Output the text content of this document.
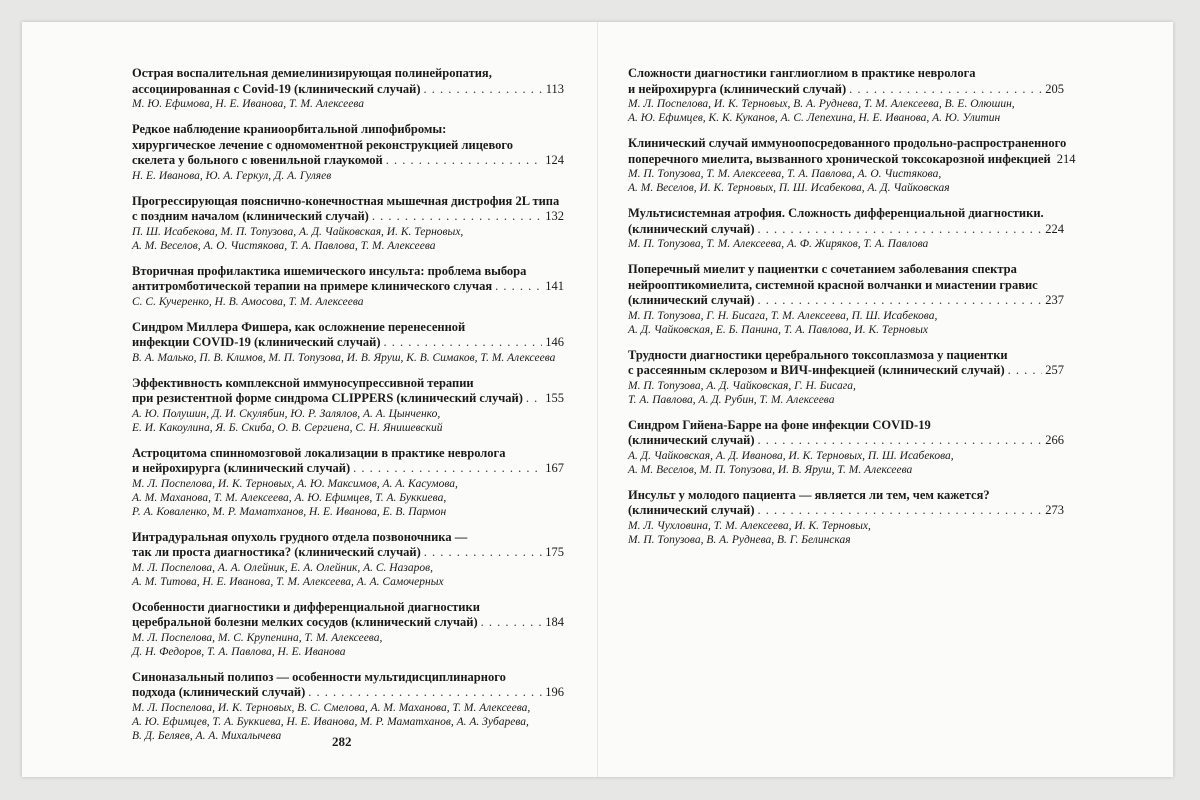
Острая воспалительная демиелинизирующая полинейропатия,
ассоциированная с Covid-19 (клинический случай) . . .	113
М. Ю. Ефимова, Н. Е. Иванова, Т. М. Алексеева
Редкое наблюдение краниоорбитальной липофибромы:
хирургическое лечение с одномоментной реконструкцией лицевого
скелета у больного с ювенильной глаукомой . . .	124
Н. Е. Иванова, Ю. А. Геркул, Д. А. Гуляев
Прогрессирующая пояснично-конечностная мышечная дистрофия 2L типа
с поздним началом (клинический случай) . . .	132
П. Ш. Исабекова, М. П. Топузова, А. Д. Чайковская, И. К. Терновых,
А. М. Веселов, А. О. Чистякова, Т. А. Павлова, Т. М. Алексеева
Вторичная профилактика ишемического инсульта: проблема выбора
антитромботической терапии на примере клинического случая . . .	141
С. С. Кучеренко, Н. В. Амосова, Т. М. Алексеева
Синдром Миллера Фишера, как осложнение перенесенной
инфекции COVID-19 (клинический случай) . . .	146
В. А. Малько, П. В. Климов, М. П. Топузова, И. В. Яруш, К. В. Симаков, Т. М. Алексеева
Эффективность комплексной иммуносупрессивной терапии
при резистентной форме синдрома CLIPPERS (клинический случай) . . . 155
А. Ю. Полушин, Д. И. Скулябин, Ю. Р. Залялов, А. А. Цынченко,
Е. И. Какоулина, Я. Б. Скиба, О. В. Сергиена, С. Н. Янишевский
Астроцитома спинномозговой локализации в практике невролога
и нейрохирурга (клинический случай) . . .	167
М. Л. Поспелова, И. К. Терновых, А. Ю. Максимов, А. А. Касумова,
А. М. Маханова, Т. М. Алексеева, А. Ю. Ефимцев, Т. А. Буккиева,
Р. А. Коваленко, М. Р. Маматханов, Н. Е. Иванова, Е. В. Пармон
Интрадуральная опухоль грудного отдела позвоночника —
так ли проста диагностика? (клинический случай) . . .	175
М. Л. Поспелова, А. А. Олейник, Е. А. Олейник, А. С. Назаров,
А. М. Титова, Н. Е. Иванова, Т. М. Алексеева, А. А. Самочерных
Особенности диагностики и дифференциальной диагностики
церебральной болезни мелких сосудов (клинический случай) . . .	184
М. Л. Поспелова, М. С. Крупенина, Т. М. Алексеева,
Д. Н. Федоров, Т. А. Павлова, Н. Е. Иванова
Синоназальный полипоз — особенности мультидисциплинарного
подхода (клинический случай) . . .	196
М. Л. Поспелова, И. К. Терновых, В. С. Смелова, А. М. Маханова, Т. М. Алексеева,
А. Ю. Ефимцев, Т. А. Буккиева, Н. Е. Иванова, М. Р. Маматханов, А. А. Зубарева,
В. Д. Беляев, А. А. Михалычева	282
Сложности диагностики ганглиоглиом в практике невролога
и нейрохирурга (клинический случай) . . .	205
М. Л. Поспелова, И. К. Терновых, В. А. Руднева, Т. М. Алексеева, В. Е. Олюшин,
А. Ю. Ефимцев, К. К. Куканов, А. С. Лепехина, Н. Е. Иванова, А. Ю. Улитин
Клинический случай иммуноопосредованного продольно-распространенного
поперечного миелита, вызванного хронической токсокарозной инфекцией 214
М. П. Топузова, Т. М. Алексеева, Т. А. Павлова, А. О. Чистякова,
А. М. Веселов, И. К. Терновых, П. Ш. Исабекова, А. Д. Чайковская
Мультисистемная атрофия. Сложность дифференциальной диагностики.
(клинический случай) . . .	224
М. П. Топузова, Т. М. Алексеева, А. Ф. Жиряков, Т. А. Павлова
Поперечный миелит у пациентки с сочетанием заболевания спектра
нейрооптикомиелита, системной красной волчанки и миастении гравис
(клинический случай) . . .	237
М. П. Топузова, Г. Н. Бисага, Т. М. Алексеева, П. Ш. Исабекова,
А. Д. Чайковская, Е. Б. Панина, Т. А. Павлова, И. К. Терновых
Трудности диагностики церебрального токсоплазмоза у пациентки
с рассеянным склерозом и ВИЧ-инфекцией (клинический случай) . . .	257
М. П. Топузова, А. Д. Чайковская, Г. Н. Бисага,
Т. А. Павлова, А. Д. Рубин, Т. М. Алексеева
Синдром Гийена-Барре на фоне инфекции COVID-19
(клинический случай) . . .	266
А. Д. Чайковская, А. Д. Иванова, И. К. Терновых, П. Ш. Исабекова,
А. М. Веселов, М. П. Топузова, И. В. Яруш, Т. М. Алексеева
Инсульт у молодого пациента — является ли тем, чем кажется?
(клинический случай) . . .	273
М. Л. Чухловина, Т. М. Алексеева, И. К. Терновых,
М. П. Топузова, В. А. Руднева, В. Г. Белинская
